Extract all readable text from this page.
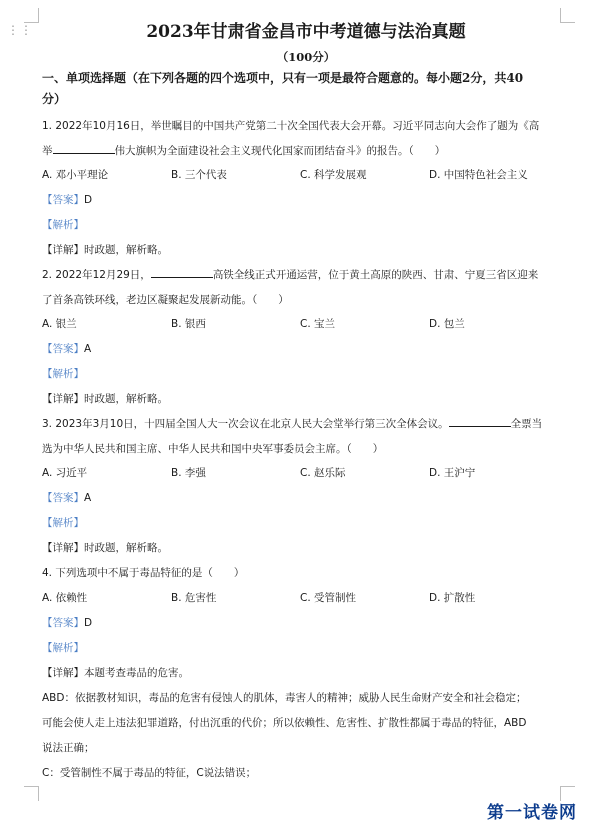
⋮⋮	2023年甘肃省金昌市中考道德与法治真题
（100分）
一、单项选择题（在下列各题的四个选项中，只有一项是最符合题意的。每小题2分，共40
分）
1. 2022年10月16日，举世瞩目的中国共产党第二十次全国代表大会开幕。习近平同志向大会作了题为《高
举	伟大旗帜为全面建设社会主义现代化国家而团结奋斗》的报告。（　　）
A. 邓小平理论	B. 三个代表	C. 科学发展观	D. 中国特色社会主义
【答案】D
【解析】
【详解】时政题，解析略。
2. 2022年12月29日，	高铁全线正式开通运营，位于黄土高原的陕西、甘肃、宁夏三省区迎来
了首条高铁环线，老边区凝聚起发展新动能。（　　）
A. 银兰	B. 银西	C. 宝兰	D. 包兰
【答案】A
【解析】
【详解】时政题，解析略。
3. 2023年3月10日，十四届全国人大一次会议在北京人民大会堂举行第三次全体会议。	全票当
选为中华人民共和国主席、中华人民共和国中央军事委员会主席。（　　）
A. 习近平	B. 李强	C. 赵乐际	D. 王沪宁
【答案】A
【解析】
【详解】时政题，解析略。
4. 下列选项中不属于毒品特征的是（　　）
A. 依赖性	B. 危害性	C. 受管制性	D. 扩散性
【答案】D
【解析】
【详解】本题考查毒品的危害。
ABD：依据教材知识，毒品的危害有侵蚀人的肌体，毒害人的精神；威胁人民生命财产安全和社会稳定；
可能会使人走上违法犯罪道路，付出沉重的代价；所以依赖性、危害性、扩散性都属于毒品的特征，ABD
说法正确；
C：受管制性不属于毒品的特征，C说法错误；
第一试卷网
